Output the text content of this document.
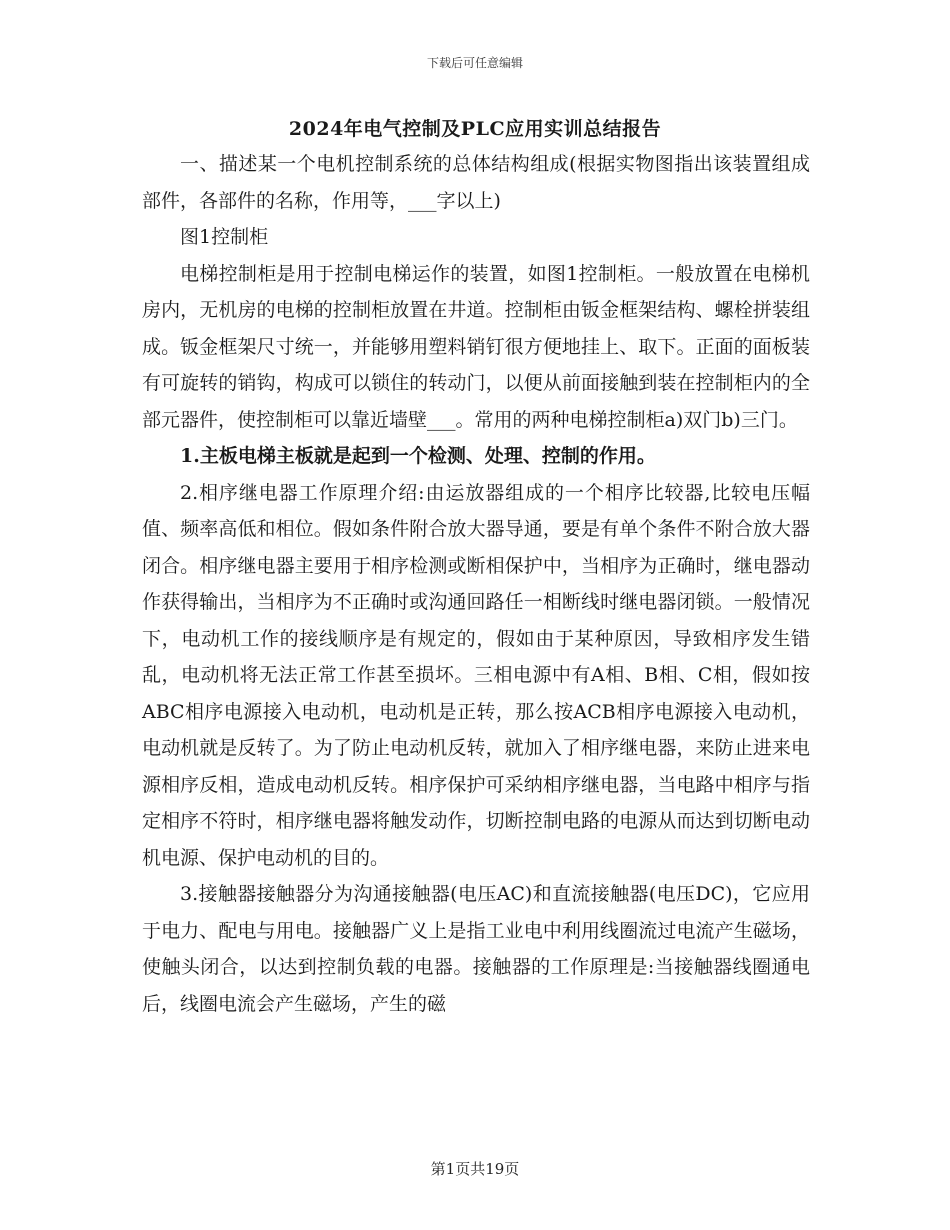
下载后可任意编辑
2024年电气控制及PLC应用实训总结报告

一、描述某一个电机控制系统的总体结构组成(根据实物图指出该装置组成部件，各部件的名称，作用等，___字以上)

图1控制柜

电梯控制柜是用于控制电梯运作的装置，如图1控制柜。一般放置在电梯机房内，无机房的电梯的控制柜放置在井道。控制柜由钣金框架结构、螺栓拼装组成。钣金框架尺寸统一，并能够用塑料销钉很方便地挂上、取下。正面的面板装有可旋转的销钩，构成可以锁住的转动门，以便从前面接触到装在控制柜内的全部元器件，使控制柜可以靠近墙壁___。常用的两种电梯控制柜a)双门b)三门。

1.主板电梯主板就是起到一个检测、处理、控制的作用。

2.相序继电器工作原理介绍:由运放器组成的一个相序比较器,比较电压幅值、频率高低和相位。假如条件附合放大器导通，要是有单个条件不附合放大器闭合。相序继电器主要用于相序检测或断相保护中，当相序为正确时，继电器动作获得输出，当相序为不正确时或沟通回路任一相断线时继电器闭锁。一般情况下，电动机工作的接线顺序是有规定的，假如由于某种原因，导致相序发生错乱，电动机将无法正常工作甚至损坏。三相电源中有A相、B相、C相，假如按ABC相序电源接入电动机，电动机是正转，那么按ACB相序电源接入电动机，电动机就是反转了。为了防止电动机反转，就加入了相序继电器，来防止进来电源相序反相，造成电动机反转。相序保护可采纳相序继电器，当电路中相序与指定相序不符时，相序继电器将触发动作，切断控制电路的电源从而达到切断电动机电源、保护电动机的目的。

3.接触器接触器分为沟通接触器(电压AC)和直流接触器(电压DC)，它应用于电力、配电与用电。接触器广义上是指工业电中利用线圈流过电流产生磁场，使触头闭合，以达到控制负载的电器。接触器的工作原理是:当接触器线圈通电后，线圈电流会产生磁场，产生的磁

第1页共19页
